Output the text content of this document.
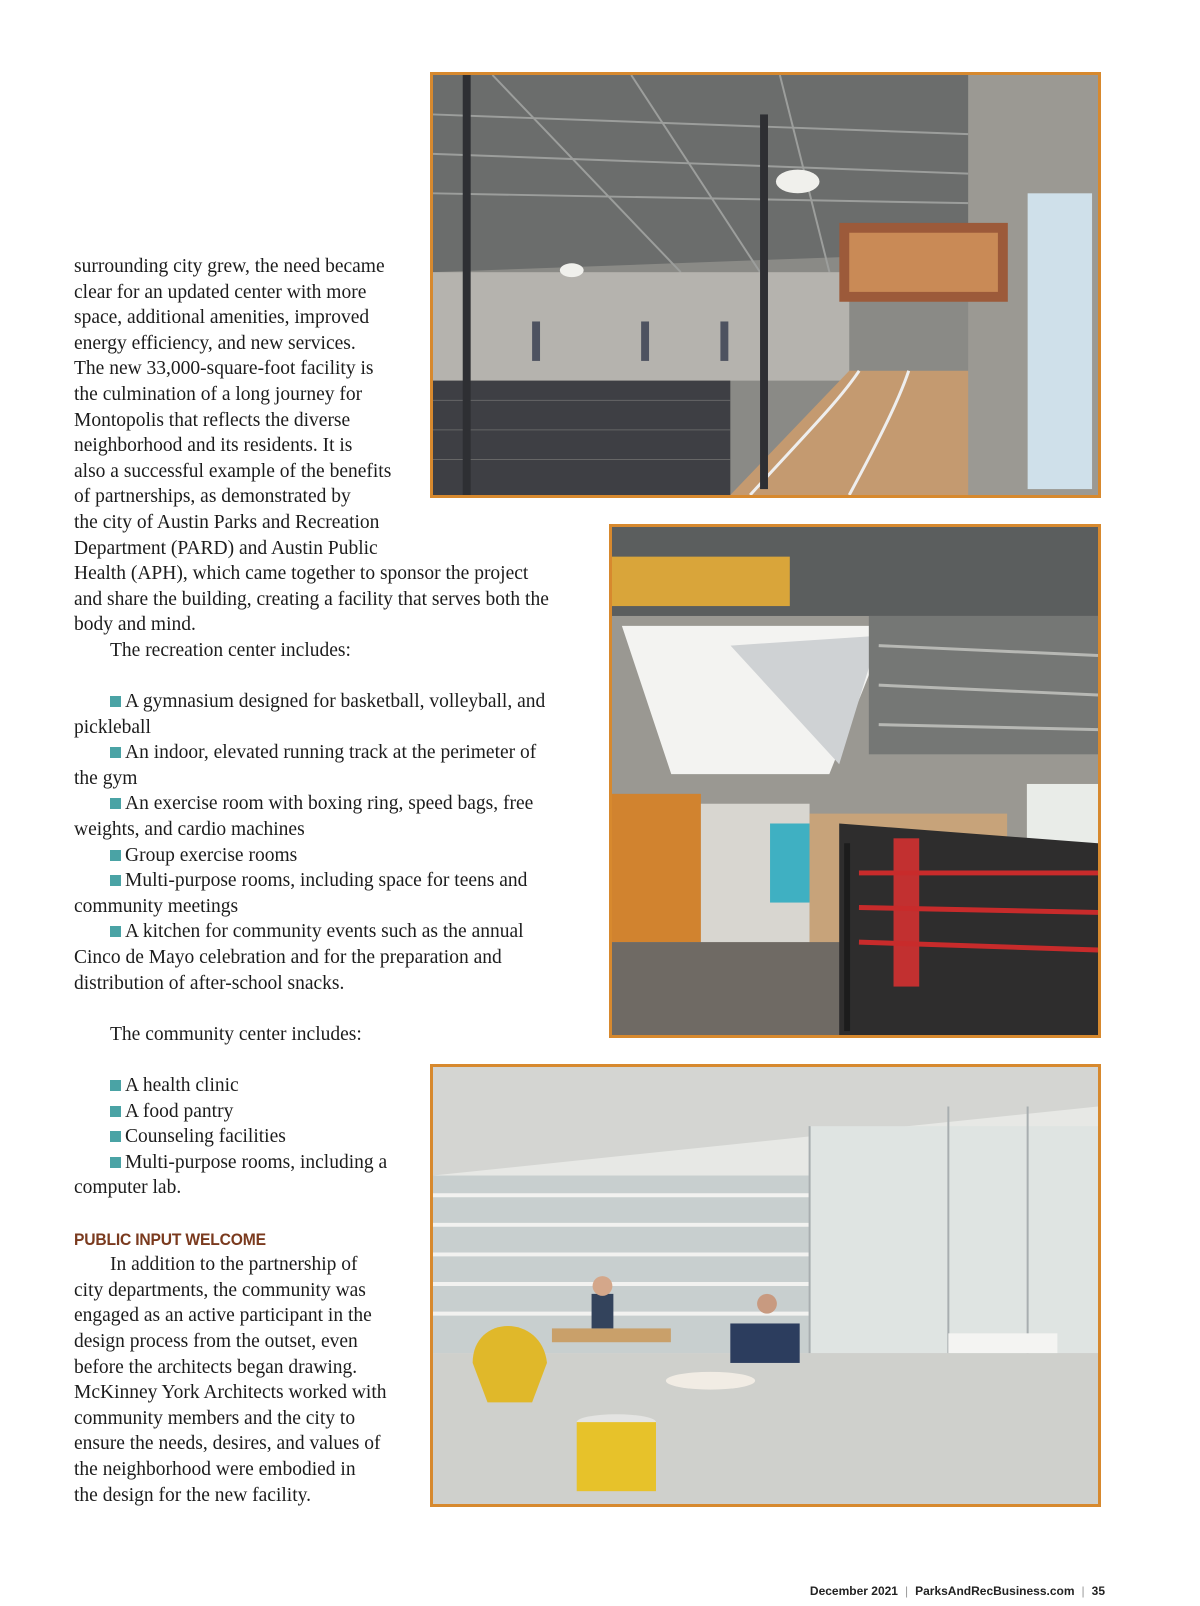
surrounding city grew, the need became

clear for an updated center with more

space, additional amenities, improved

energy efficiency, and new services.

The new 33,000-square-foot facility is

the culmination of a long journey for

Montopolis that reflects the diverse

neighborhood and its residents. It is

also a successful example of the benefits

of partnerships, as demonstrated by

the city of Austin Parks and Recreation

Department (PARD) and Austin Public

Health (APH), which came together to sponsor the project

and share the building, creating a facility that serves both the

body and mind.

The recreation center includes:

A gymnasium designed for basketball, volleyball, and pickleball

An indoor, elevated running track at the perimeter of the gym

An exercise room with boxing ring, speed bags, free weights, and cardio machines

Group exercise rooms

Multi-purpose rooms, including space for teens and community meetings

A kitchen for community events such as the annual Cinco de Mayo celebration and for the preparation and distribution of after-school snacks.

The community center includes:

A health clinic

A food pantry

Counseling facilities

Multi-purpose rooms, including a computer lab.

PUBLIC INPUT WELCOME

In addition to the partnership of

city departments, the community was

engaged as an active participant in the

design process from the outset, even

before the architects began drawing.

McKinney York Architects worked with

community members and the city to

ensure the needs, desires, and values of

the neighborhood were embodied in

the design for the new facility.

December 2021 | ParksAndRecBusiness.com | 35
